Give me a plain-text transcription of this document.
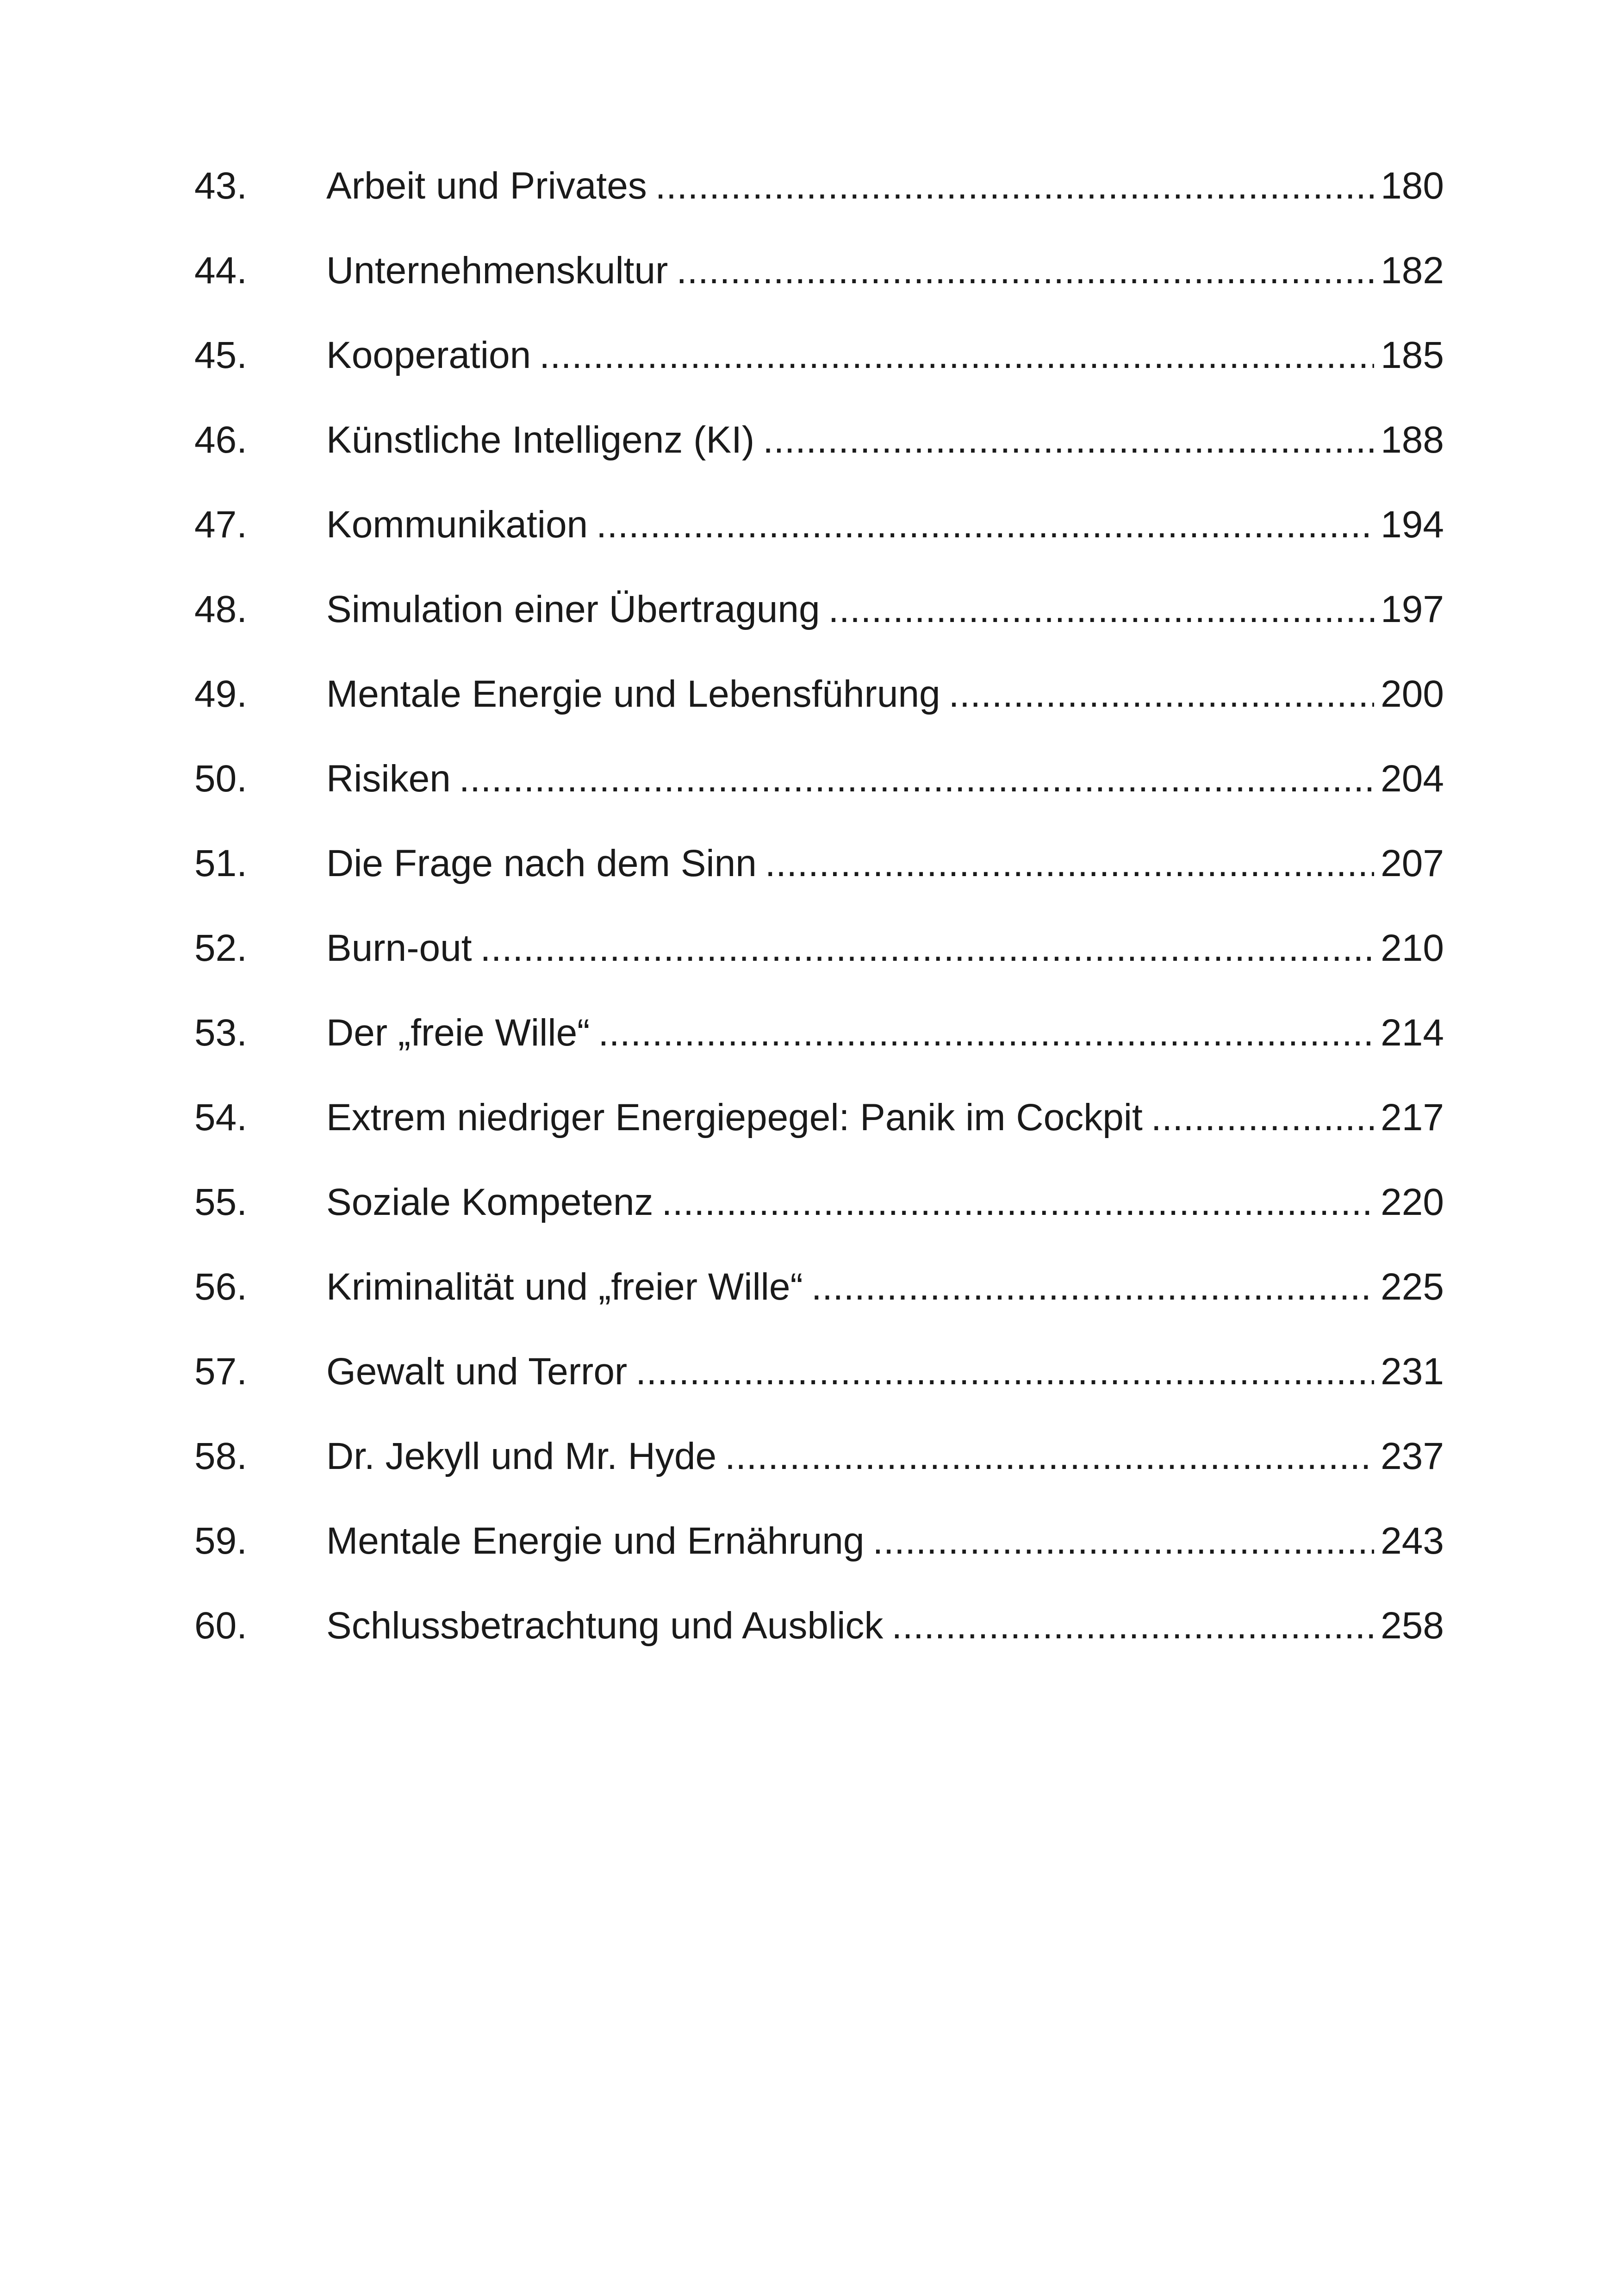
43.	Arbeit und Privates .....	180
44.	Unternehmenskultur .....	182
45.	Kooperation .....	185
46.	Künstliche Intelligenz (KI) .....	188
47.	Kommunikation .....	194
48.	Simulation einer Übertragung .....	197
49.	Mentale Energie und Lebensführung .....	200
50.	Risiken .....	204
51.	Die Frage nach dem Sinn .....	207
52.	Burn-out .....	210
53.	Der „freie Wille“ .....	214
54.	Extrem niedriger Energiepegel: Panik im Cockpit .....	217
55.	Soziale Kompetenz .....	220
56.	Kriminalität und „freier Wille“ .....	225
57.	Gewalt und Terror .....	231
58.	Dr. Jekyll und Mr. Hyde .....	237
59.	Mentale Energie und Ernährung .....	243
60.	Schlussbetrachtung und Ausblick .....	258
